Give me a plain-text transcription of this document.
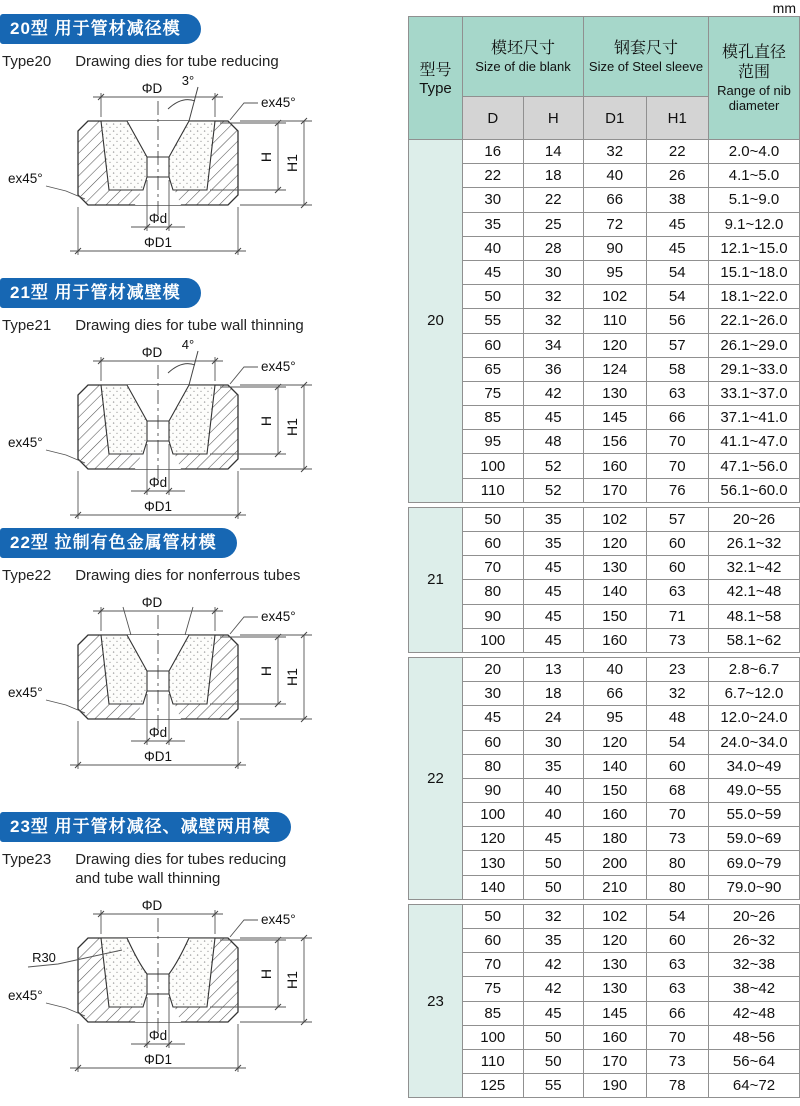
20型 用于管材减径模
Type20 Drawing dies for tube reducing
ΦD
3°
ex45°
ex45°
H H1
Φd
ΦD1
21型 用于管材减壁模
Type21 Drawing dies for tube wall thinning
ΦD
4°
ex45°
ex45°
H H1
Φd
ΦD1
22型 拉制有色金属管材模
Type22 Drawing dies for nonferrous tubes
ΦD
ex45°
ex45°
H H1
Φd
ΦD1
23型 用于管材减径、减壁两用模
Type23 Drawing dies for tubes reducing
and tube wall thinning
ΦD
R30
ex45°
ex45°
H H1
Φd
ΦD1
mm
型号
Type

模坯尺寸
Size of die blank

钢套尺寸
Size of Steel sleeve

模孔直径
范围
Range of nib
diameter

	D	H	D1	H1	
20	16	14	32	22	2.0~4.0
	22	18	40	26	4.1~5.0
	30	22	66	38	5.1~9.0
	35	25	72	45	9.1~12.0
	40	28	90	45	12.1~15.0
	45	30	95	54	15.1~18.0
	50	32	102	54	18.1~22.0
	55	32	110	56	22.1~26.0
	60	34	120	57	26.1~29.0
	65	36	124	58	29.1~33.0
	75	42	130	63	33.1~37.0
	85	45	145	66	37.1~41.0
	95	48	156	70	41.1~47.0
	100	52	160	70	47.1~56.0
	110	52	170	76	56.1~60.0

21	50	35	102	57	20~26
	60	35	120	60	26.1~32
	70	45	130	60	32.1~42
	80	45	140	63	42.1~48
	90	45	150	71	48.1~58
	100	45	160	73	58.1~62

22	20	13	40	23	2.8~6.7
	30	18	66	32	6.7~12.0
	45	24	95	48	12.0~24.0
	60	30	120	54	24.0~34.0
	80	35	140	60	34.0~49
	90	40	150	68	49.0~55
	100	40	160	70	55.0~59
	120	45	180	73	59.0~69
	130	50	200	80	69.0~79
	140	50	210	80	79.0~90

23	50	32	102	54	20~26
	60	35	120	60	26~32
	70	42	130	63	32~38
	75	42	130	63	38~42
	85	45	145	66	42~48
	100	50	160	70	48~56
	110	50	170	73	56~64
	125	55	190	78	64~72
